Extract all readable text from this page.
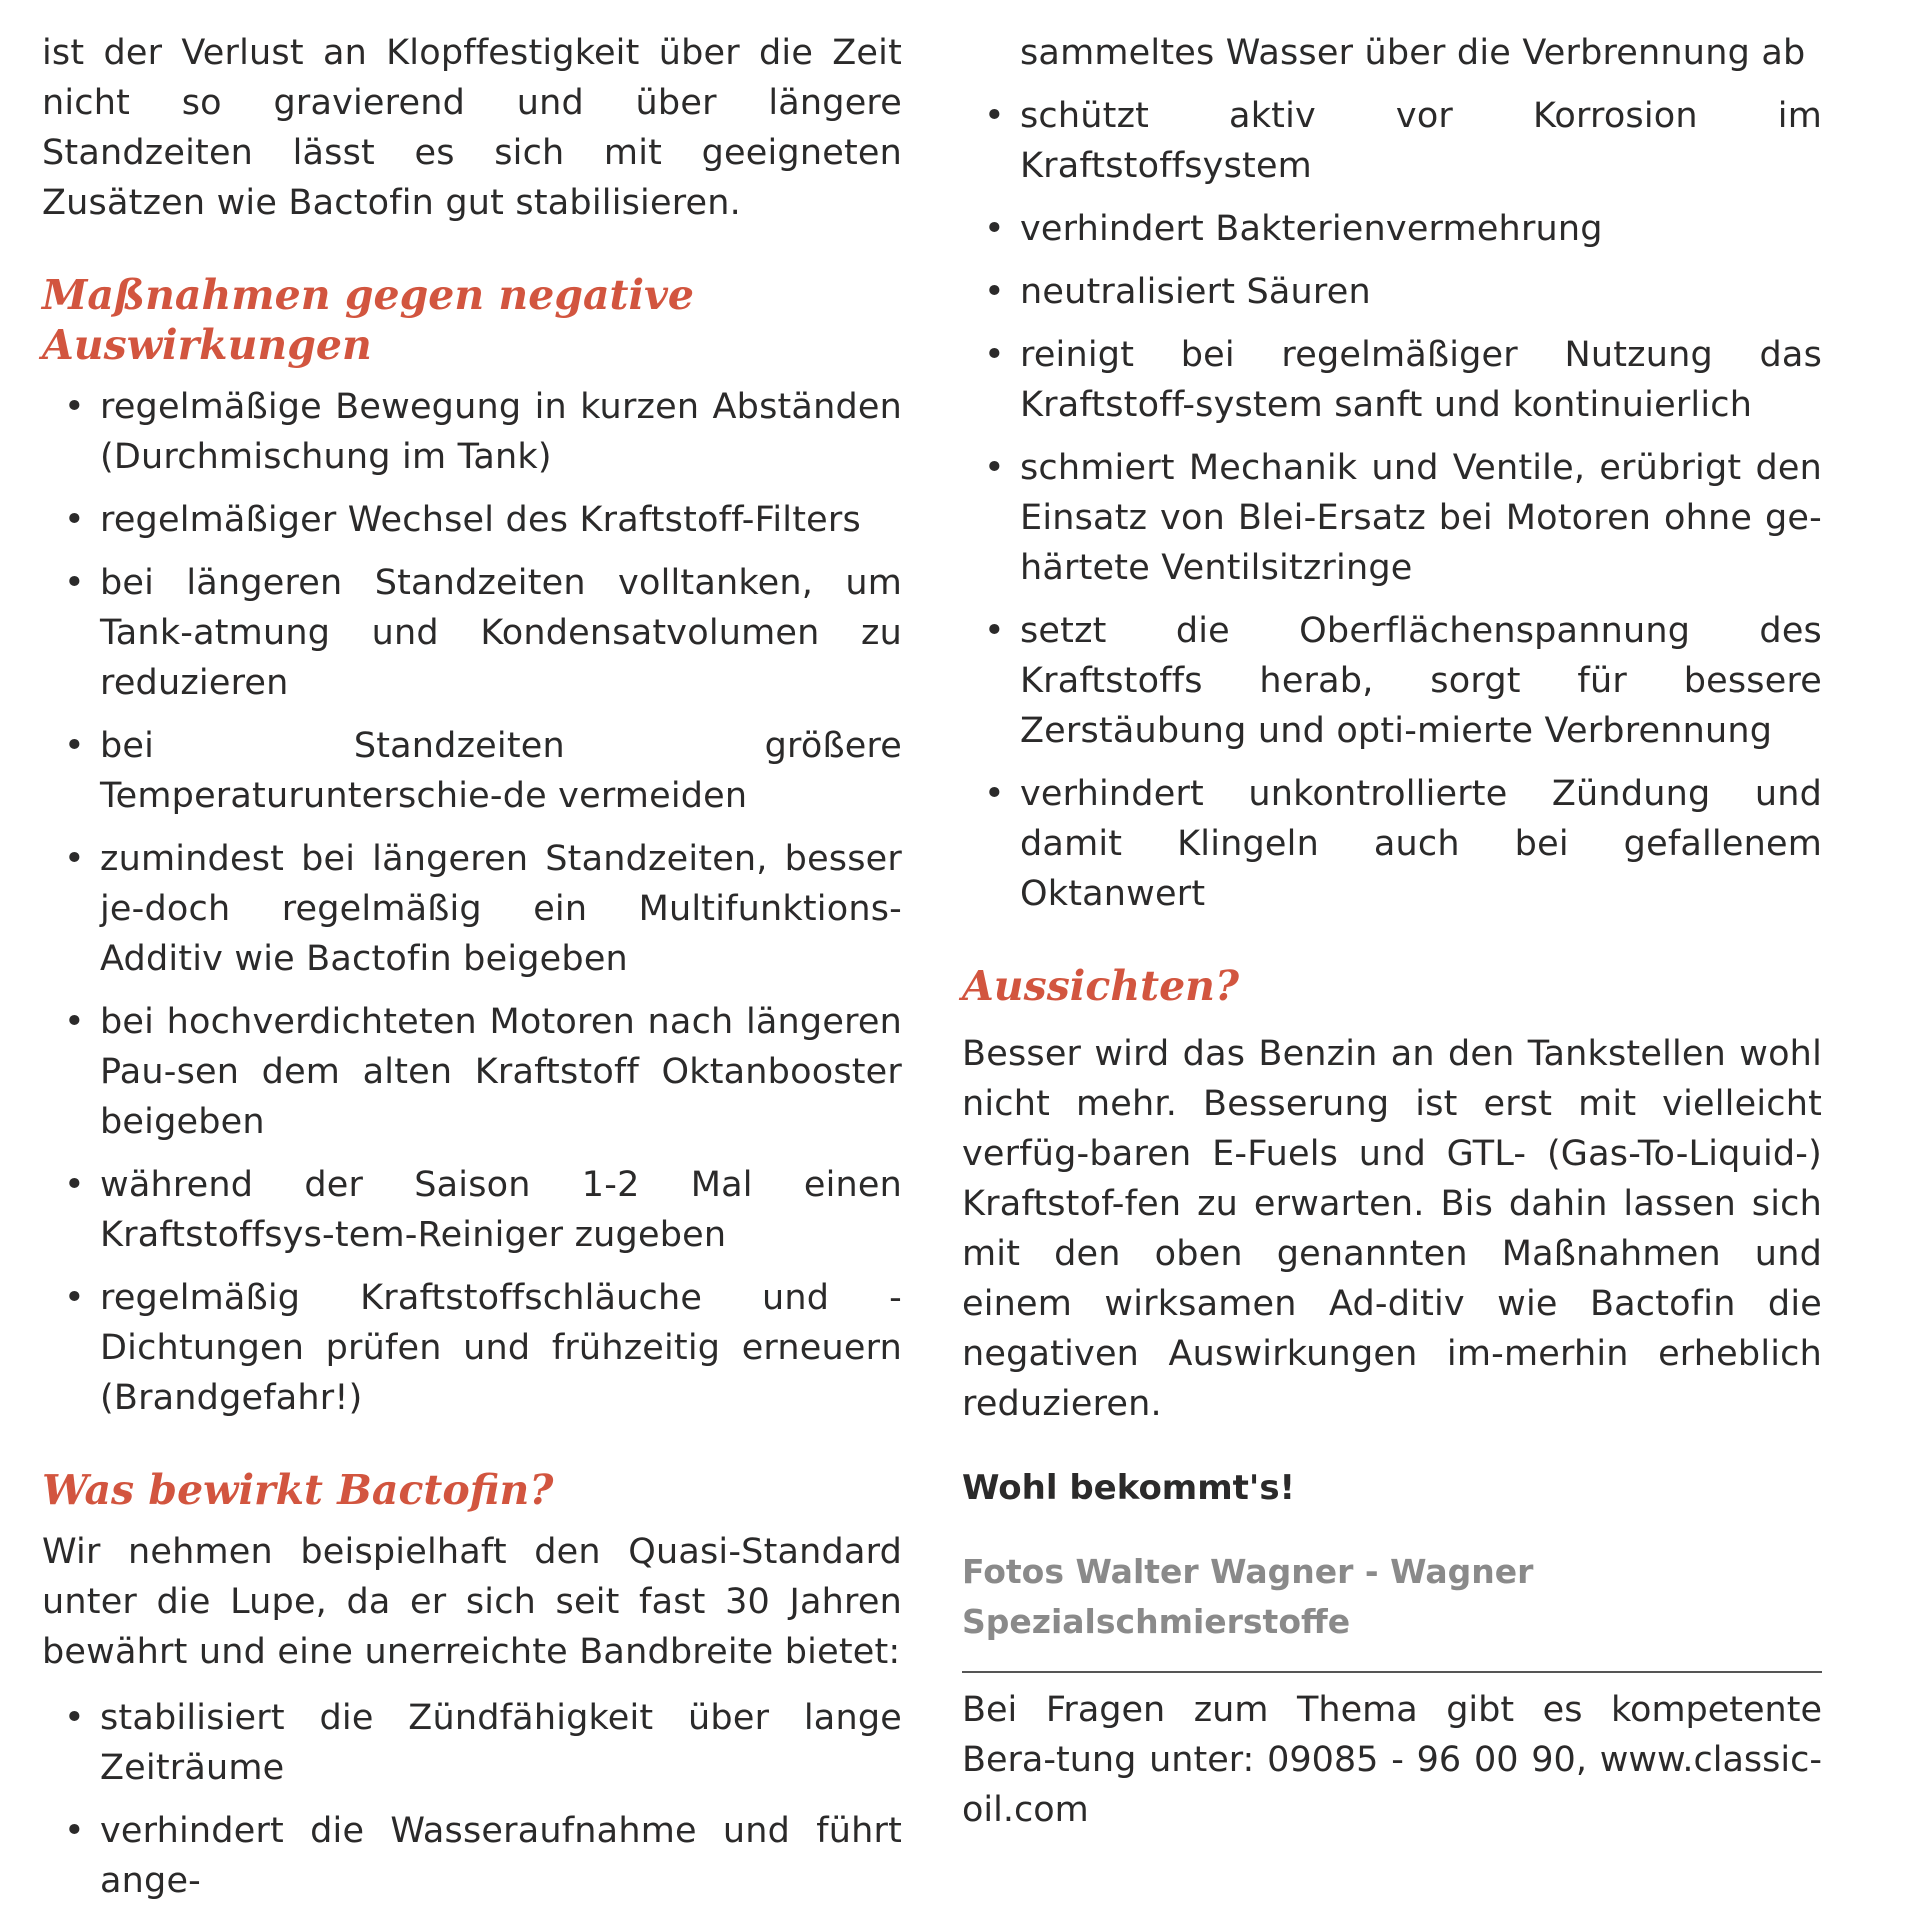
ist der Verlust an Klopffestigkeit über die Zeit nicht so gravierend und über längere Standzeiten lässt es sich mit geeigneten Zusätzen wie Bactofin gut stabilisieren.

Maßnahmen gegen negative Auswirkungen
• regelmäßige Bewegung in kurzen Abständen (Durchmischung im Tank)
• regelmäßiger Wechsel des Kraftstoff-Filters
• bei längeren Standzeiten volltanken, um Tank-atmung und Kondensatvolumen zu reduzieren
• bei Standzeiten größere Temperaturunterschie-de vermeiden
• zumindest bei längeren Standzeiten, besser je-doch regelmäßig ein Multifunktions-Additiv wie Bactofin beigeben
• bei hochverdichteten Motoren nach längeren Pau-sen dem alten Kraftstoff Oktanbooster beigeben
• während der Saison 1-2 Mal einen Kraftstoffsys-tem-Reiniger zugeben
• regelmäßig Kraftstoffschläuche und -Dichtungen prüfen und frühzeitig erneuern (Brandgefahr!)
Was bewirkt Bactofin?

Wir nehmen beispielhaft den Quasi-Standard unter die Lupe, da er sich seit fast 30 Jahren bewährt und eine unerreichte Bandbreite bietet:

• stabilisiert die Zündfähigkeit über lange Zeiträume
• verhindert die Wasseraufnahme und führt ange-
sammeltes Wasser über die Verbrennung ab
• schützt aktiv vor Korrosion im Kraftstoffsystem
• verhindert Bakterienvermehrung
• neutralisiert Säuren
• reinigt bei regelmäßiger Nutzung das Kraftstoff-system sanft und kontinuierlich
• schmiert Mechanik und Ventile, erübrigt den Einsatz von Blei-Ersatz bei Motoren ohne ge-härtete Ventilsitzringe
• setzt die Oberflächenspannung des Kraftstoffs herab, sorgt für bessere Zerstäubung und opti-mierte Verbrennung
• verhindert unkontrollierte Zündung und damit Klingeln auch bei gefallenem Oktanwert
Aussichten?

Besser wird das Benzin an den Tankstellen wohl nicht mehr. Besserung ist erst mit vielleicht verfüg-baren E-Fuels und GTL- (Gas-To-Liquid-) Kraftstof-fen zu erwarten. Bis dahin lassen sich mit den oben genannten Maßnahmen und einem wirksamen Ad-ditiv wie Bactofin die negativen Auswirkungen im-merhin erheblich reduzieren.

Wohl bekommt's!

Fotos Walter Wagner - Wagner Spezialschmierstoffe

Bei Fragen zum Thema gibt es kompetente Bera-tung unter: 09085 - 96 00 90, www.classic-oil.com
